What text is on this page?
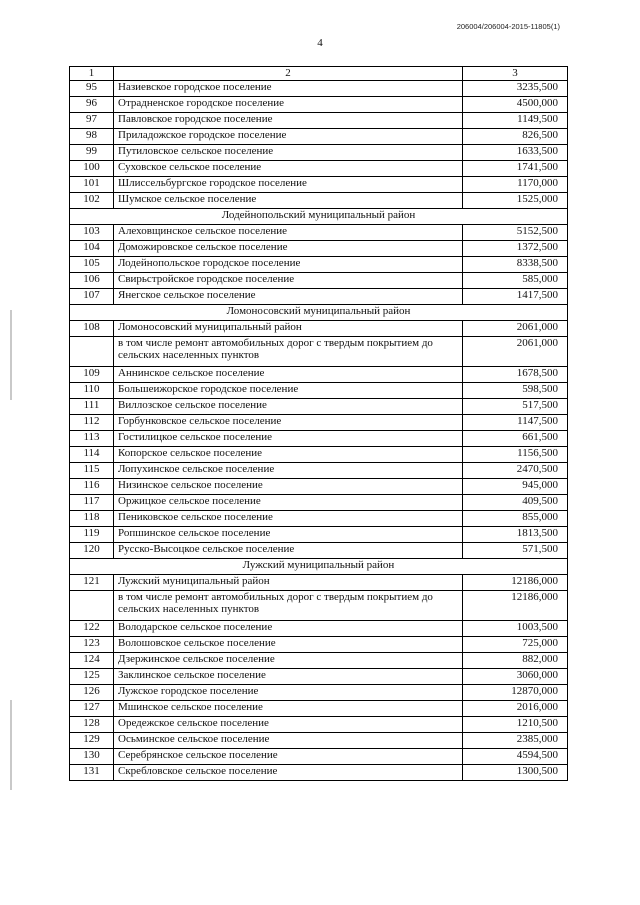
206004/206004-2015-11805(1)
4
1	2	3
95	Назиевское городское поселение	3235,500
96	Отрадненское городское поселение	4500,000
97	Павловское городское поселение	1149,500
98	Приладожское городское поселение	826,500
99	Путиловское сельское поселение	1633,500
100	Суховское сельское поселение	1741,500
101	Шлиссельбургское городское поселение	1170,000
102	Шумское сельское поселение	1525,000
Лодейнопольский муниципальный район		
103	Алеховщинское сельское поселение	5152,500
104	Доможировское сельское поселение	1372,500
105	Лодейнопольское городское поселение	8338,500
106	Свирьстройское городское поселение	585,000
107	Янегское сельское поселение	1417,500
Ломоносовский муниципальный район		
108	Ломоносовский муниципальный район	2061,000
	в том числе ремонт автомобильных дорог с твердым покрытием до сельских населенных пунктов	2061,000
109	Аннинское сельское поселение	1678,500
110	Большеижорское городское поселение	598,500
111	Виллозское сельское поселение	517,500
112	Горбунковское сельское поселение	1147,500
113	Гостилицкое сельское поселение	661,500
114	Копорское сельское поселение	1156,500
115	Лопухинское сельское поселение	2470,500
116	Низинское сельское поселение	945,000
117	Оржицкое сельское поселение	409,500
118	Пениковское сельское поселение	855,000
119	Ропшинское сельское поселение	1813,500
120	Русско-Высоцкое сельское поселение	571,500
Лужский муниципальный район		
121	Лужский муниципальный район	12186,000
	в том числе ремонт автомобильных дорог с твердым покрытием до сельских населенных пунктов	12186,000
122	Володарское сельское поселение	1003,500
123	Волошовское сельское поселение	725,000
124	Дзержинское сельское поселение	882,000
125	Заклинское сельское поселение	3060,000
126	Лужское городское поселение	12870,000
127	Мшинское сельское поселение	2016,000
128	Оредежское сельское поселение	1210,500
129	Осьминское сельское поселение	2385,000
130	Серебрянское сельское поселение	4594,500
131	Скребловское сельское поселение	1300,500
